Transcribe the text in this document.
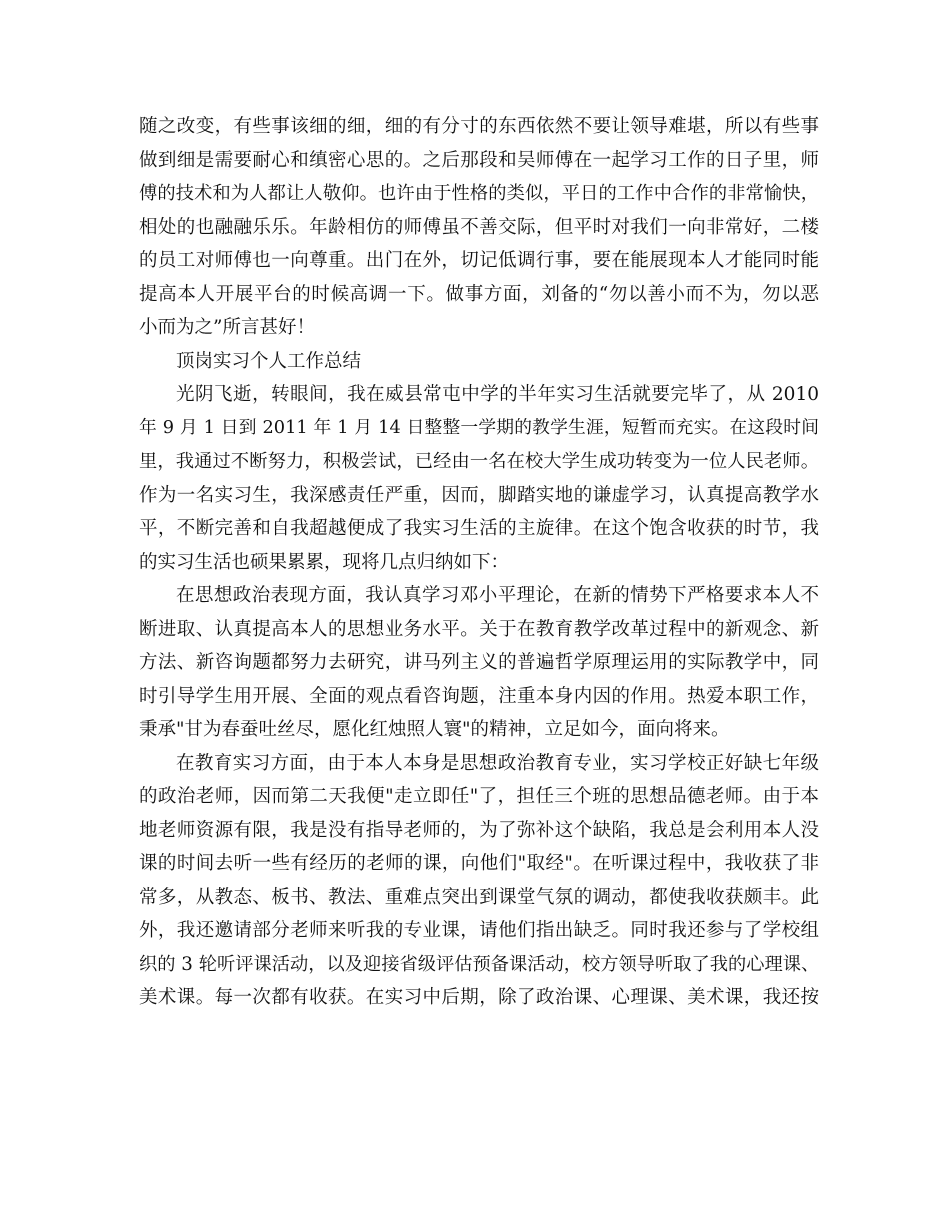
随之改变，有些事该细的细，细的有分寸的东西依然不要让领导难堪，所以有些事
做到细是需要耐心和缜密心思的。之后那段和吴师傅在一起学习工作的日子里，师
傅的技术和为人都让人敬仰。也许由于性格的类似，平日的工作中合作的非常愉快，
相处的也融融乐乐。年龄相仿的师傅虽不善交际，但平时对我们一向非常好，二楼
的员工对师傅也一向尊重。出门在外，切记低调行事，要在能展现本人才能同时能
提高本人开展平台的时候高调一下。做事方面，刘备的“勿以善小而不为，勿以恶
小而为之”所言甚好！
顶岗实习个人工作总结
光阴飞逝，转眼间，我在威县常屯中学的半年实习生活就要完毕了，从 2010
年 9 月 1 日到 2011 年 1 月 14 日整整一学期的教学生涯，短暂而充实。在这段时间
里，我通过不断努力，积极尝试，已经由一名在校大学生成功转变为一位人民老师。
作为一名实习生，我深感责任严重，因而，脚踏实地的谦虚学习，认真提高教学水
平，不断完善和自我超越便成了我实习生活的主旋律。在这个饱含收获的时节，我
的实习生活也硕果累累，现将几点归纳如下：
在思想政治表现方面，我认真学习邓小平理论，在新的情势下严格要求本人不
断进取、认真提高本人的思想业务水平。关于在教育教学改革过程中的新观念、新
方法、新咨询题都努力去研究，讲马列主义的普遍哲学原理运用的实际教学中，同
时引导学生用开展、全面的观点看咨询题，注重本身内因的作用。热爱本职工作，
秉承"甘为春蚕吐丝尽，愿化红烛照人寰"的精神，立足如今，面向将来。
在教育实习方面，由于本人本身是思想政治教育专业，实习学校正好缺七年级
的政治老师，因而第二天我便"走立即任"了，担任三个班的思想品德老师。由于本
地老师资源有限，我是没有指导老师的，为了弥补这个缺陷，我总是会利用本人没
课的时间去听一些有经历的老师的课，向他们"取经"。在听课过程中，我收获了非
常多，从教态、板书、教法、重难点突出到课堂气氛的调动，都使我收获颇丰。此
外，我还邀请部分老师来听我的专业课，请他们指出缺乏。同时我还参与了学校组
织的 3 轮听评课活动，以及迎接省级评估预备课活动，校方领导听取了我的心理课、
美术课。每一次都有收获。在实习中后期，除了政治课、心理课、美术课，我还按
